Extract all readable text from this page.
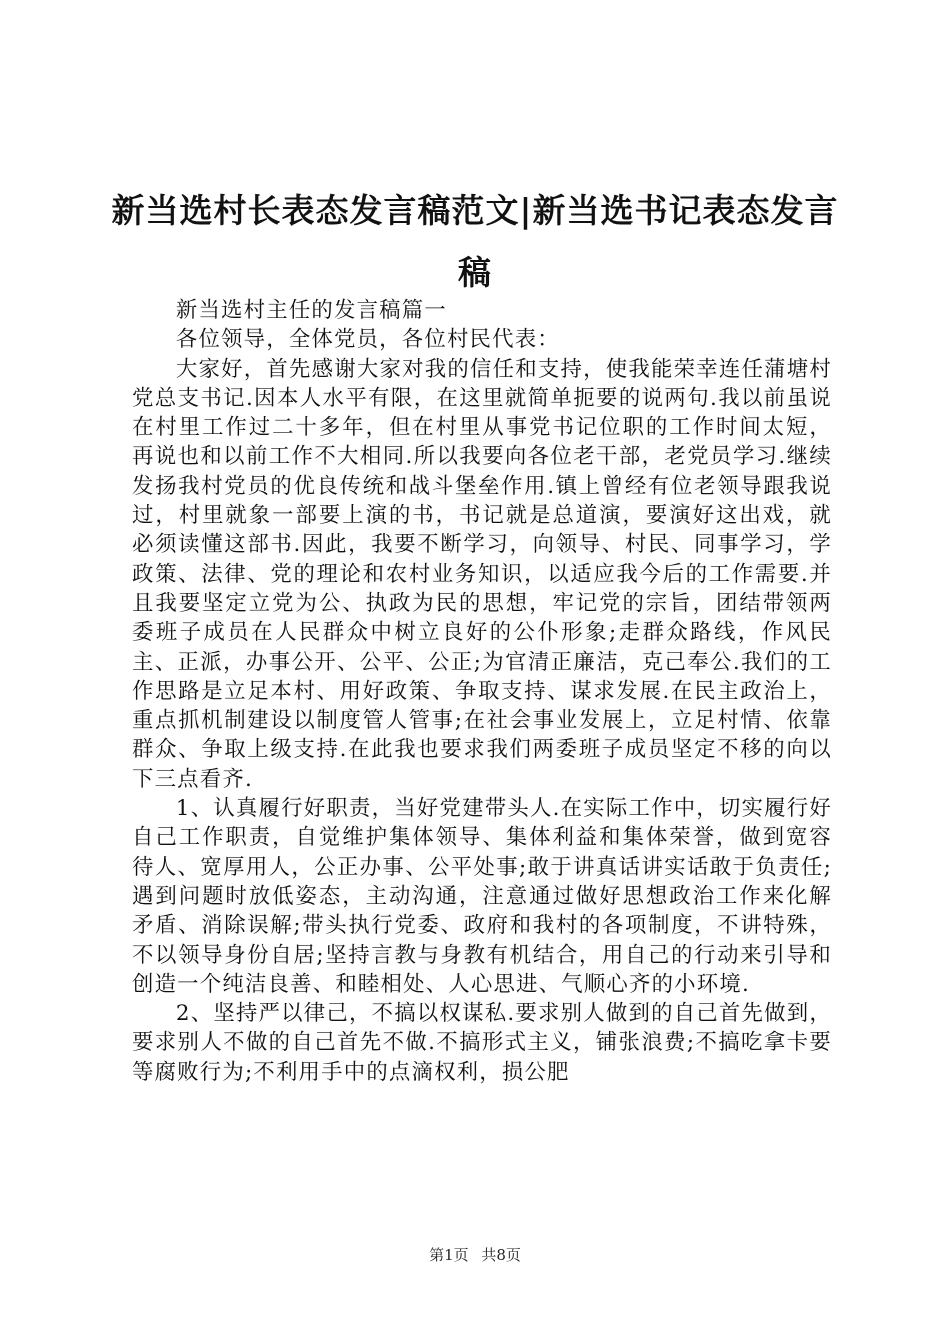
新当选村长表态发言稿范文|新当选书记表态发言稿

新当选村主任的发言稿篇一

各位领导，全体党员，各位村民代表：

大家好，首先感谢大家对我的信任和支持，使我能荣幸连任蒲塘村党总支书记.因本人水平有限，在这里就简单扼要的说两句.我以前虽说在村里工作过二十多年，但在村里从事党书记位职的工作时间太短，再说也和以前工作不大相同.所以我要向各位老干部，老党员学习.继续发扬我村党员的优良传统和战斗堡垒作用.镇上曾经有位老领导跟我说过，村里就象一部要上演的书，书记就是总道演，要演好这出戏，就必须读懂这部书.因此，我要不断学习，向领导、村民、同事学习，学政策、法律、党的理论和农村业务知识，以适应我今后的工作需要.并且我要坚定立党为公、执政为民的思想，牢记党的宗旨，团结带领两委班子成员在人民群众中树立良好的公仆形象;走群众路线，作风民主、正派，办事公开、公平、公正;为官清正廉洁，克己奉公.我们的工作思路是立足本村、用好政策、争取支持、谋求发展.在民主政治上，重点抓机制建设以制度管人管事;在社会事业发展上，立足村情、依靠群众、争取上级支持.在此我也要求我们两委班子成员坚定不移的向以下三点看齐.

1、认真履行好职责，当好党建带头人.在实际工作中，切实履行好自己工作职责，自觉维护集体领导、集体利益和集体荣誉，做到宽容待人、宽厚用人，公正办事、公平处事;敢于讲真话讲实话敢于负责任;遇到问题时放低姿态，主动沟通，注意通过做好思想政治工作来化解矛盾、消除误解;带头执行党委、政府和我村的各项制度，不讲特殊，不以领导身份自居;坚持言教与身教有机结合，用自己的行动来引导和创造一个纯洁良善、和睦相处、人心思进、气顺心齐的小环境.

2、坚持严以律己，不搞以权谋私.要求别人做到的自己首先做到，要求别人不做的自己首先不做.不搞形式主义，铺张浪费;不搞吃拿卡要等腐败行为;不利用手中的点滴权利，损公肥

第1页 共8页
